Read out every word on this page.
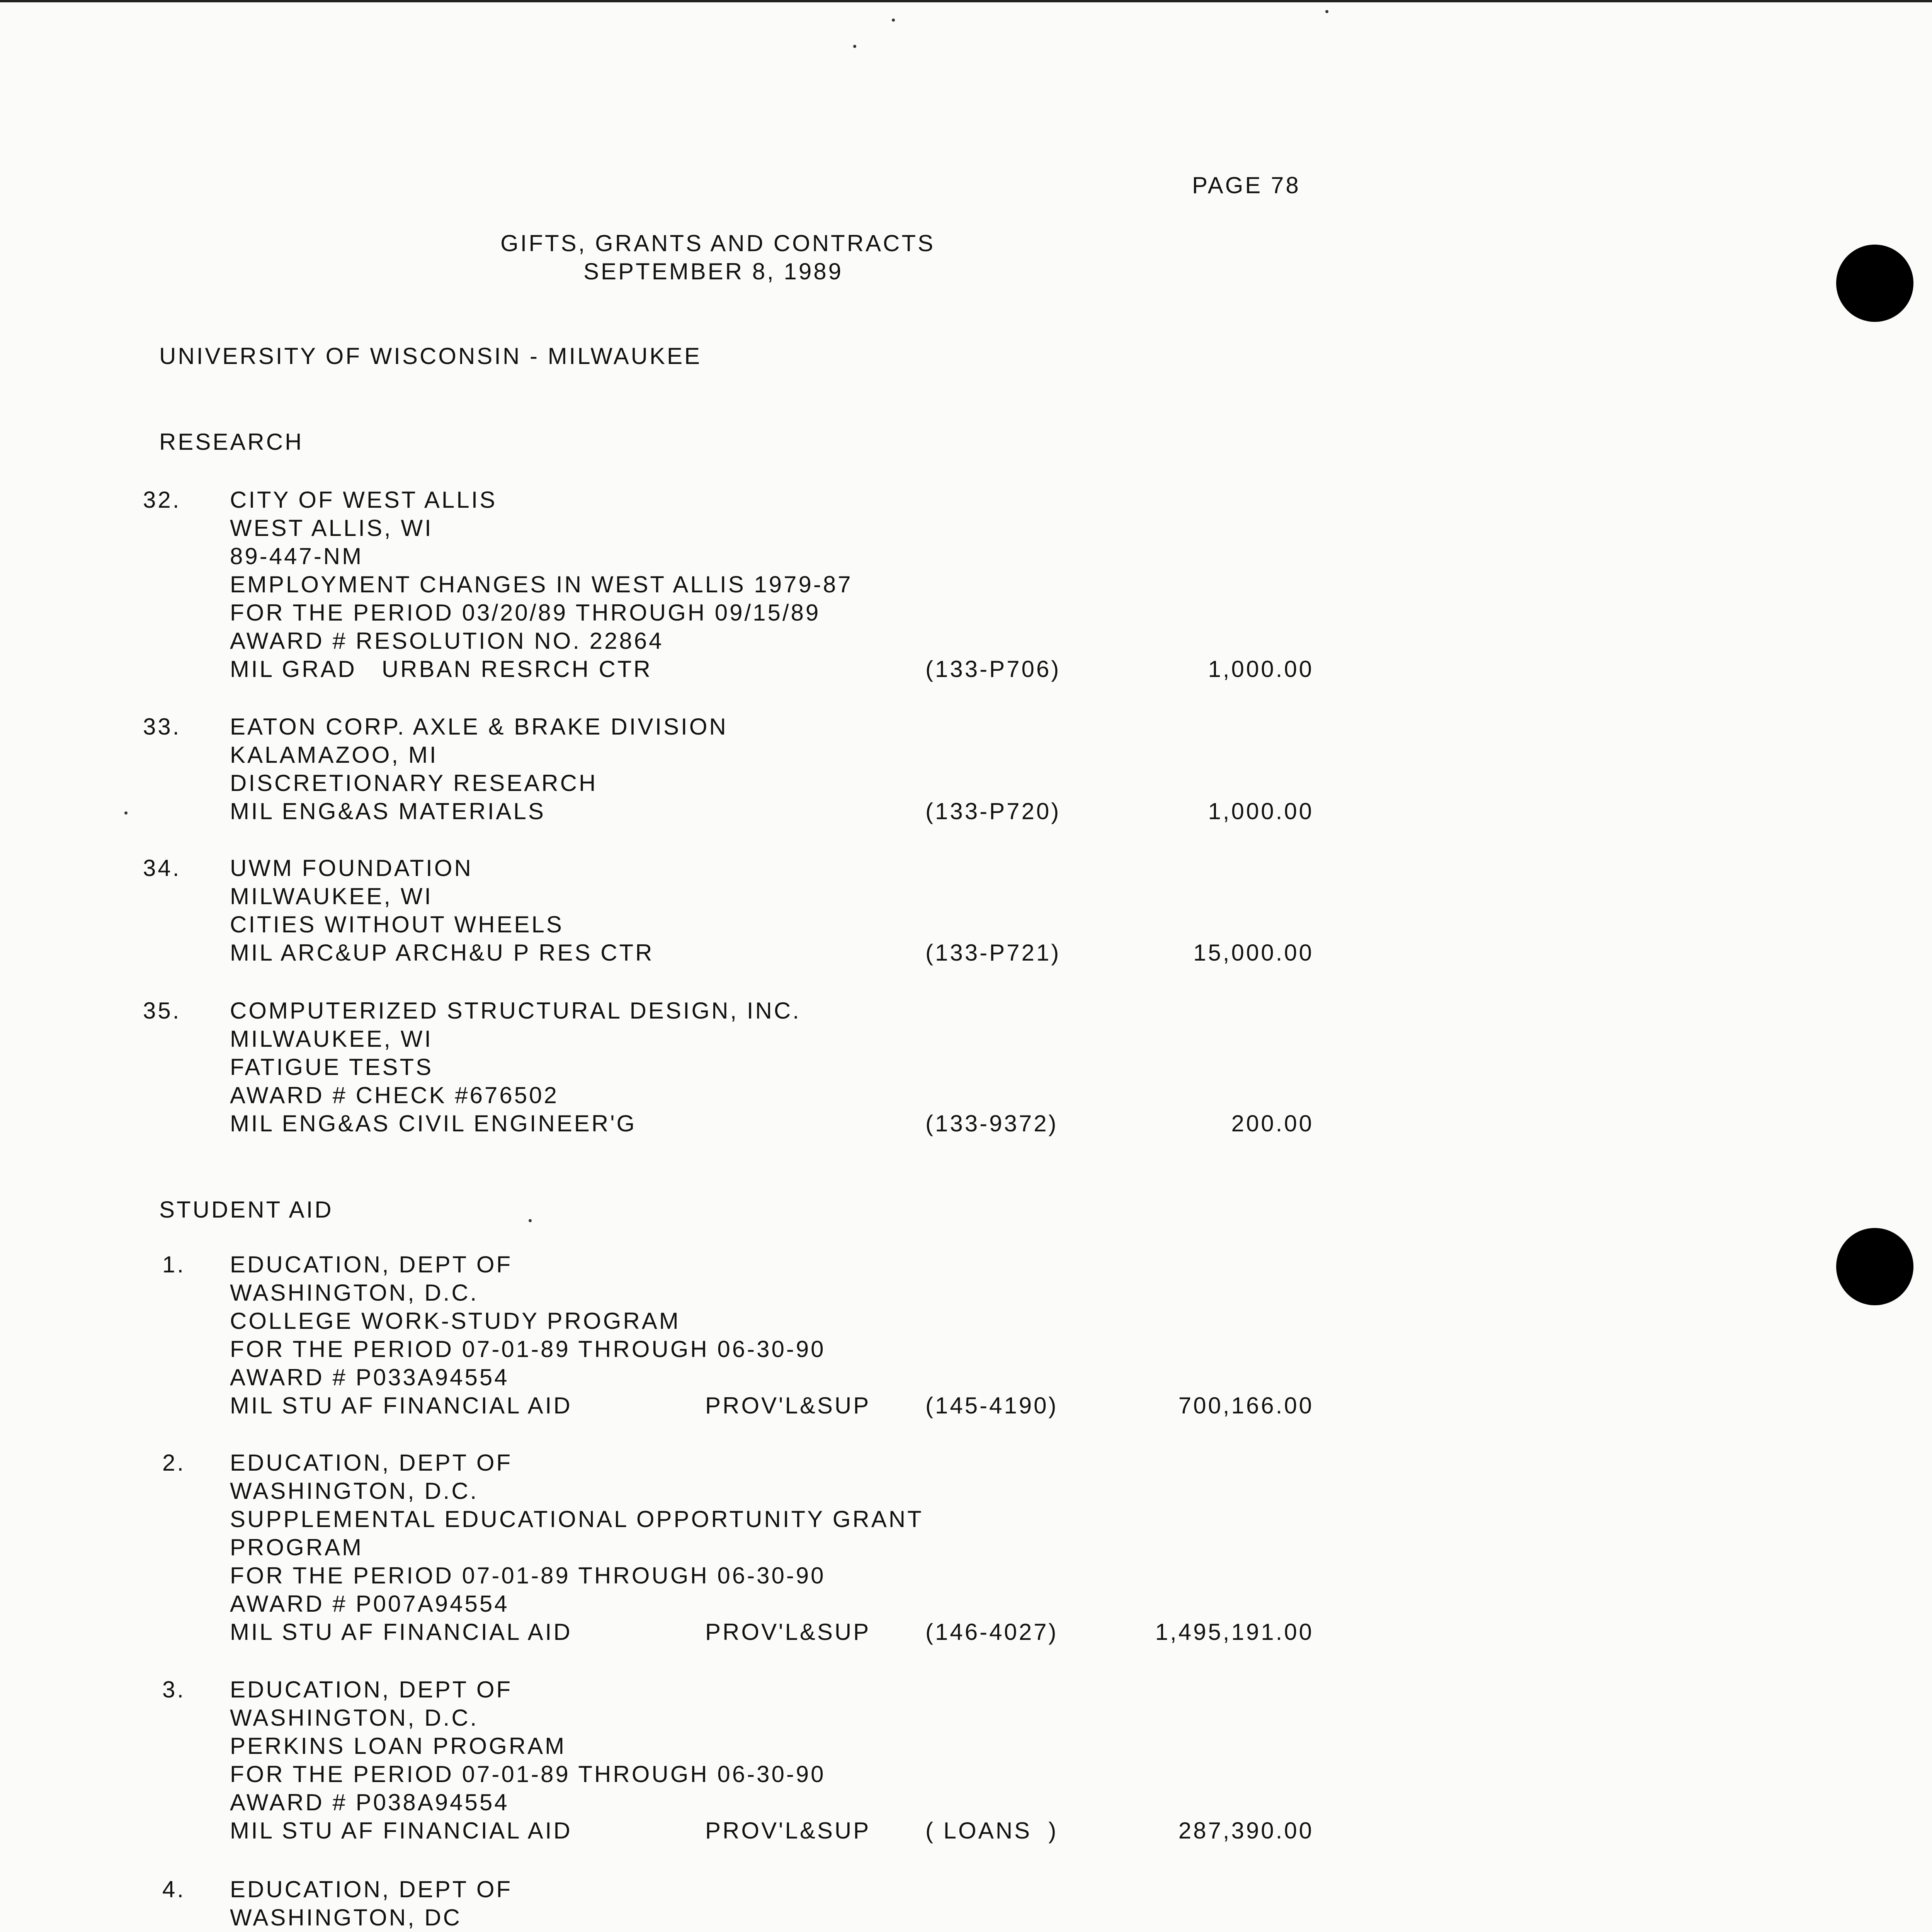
PAGE 78
GIFTS, GRANTS AND CONTRACTS
SEPTEMBER 8, 1989
UNIVERSITY OF WISCONSIN - MILWAUKEE
RESEARCH
32. CITY OF WEST ALLIS
WEST ALLIS, WI
89-447-NM
EMPLOYMENT CHANGES IN WEST ALLIS 1979-87
FOR THE PERIOD 03/20/89 THROUGH 09/15/89
AWARD # RESOLUTION NO. 22864
MIL GRAD   URBAN RESRCH CTR	(133-P706)	1,000.00
33. EATON CORP. AXLE & BRAKE DIVISION
KALAMAZOO, MI
DISCRETIONARY RESEARCH
MIL ENG&AS MATERIALS	(133-P720)	1,000.00
34. UWM FOUNDATION
MILWAUKEE, WI
CITIES WITHOUT WHEELS
MIL ARC&UP ARCH&U P RES CTR	(133-P721)	15,000.00
35. COMPUTERIZED STRUCTURAL DESIGN, INC.
MILWAUKEE, WI
FATIGUE TESTS
AWARD # CHECK #676502
MIL ENG&AS CIVIL ENGINEER'G	(133-9372)	200.00
STUDENT AID
1. EDUCATION, DEPT OF
WASHINGTON, D.C.
COLLEGE WORK-STUDY PROGRAM
FOR THE PERIOD 07-01-89 THROUGH 06-30-90
AWARD # P033A94554
MIL STU AF FINANCIAL AID	PROV'L&SUP (145-4190)	700,166.00
2. EDUCATION, DEPT OF
WASHINGTON, D.C.
SUPPLEMENTAL EDUCATIONAL OPPORTUNITY GRANT
PROGRAM
FOR THE PERIOD 07-01-89 THROUGH 06-30-90
AWARD # P007A94554
MIL STU AF FINANCIAL AID	PROV'L&SUP (146-4027)	1,495,191.00
3. EDUCATION, DEPT OF
WASHINGTON, D.C.
PERKINS LOAN PROGRAM
FOR THE PERIOD 07-01-89 THROUGH 06-30-90
AWARD # P038A94554
MIL STU AF FINANCIAL AID	PROV'L&SUP ( LOANS  )	287,390.00
4. EDUCATION, DEPT OF
WASHINGTON, DC
